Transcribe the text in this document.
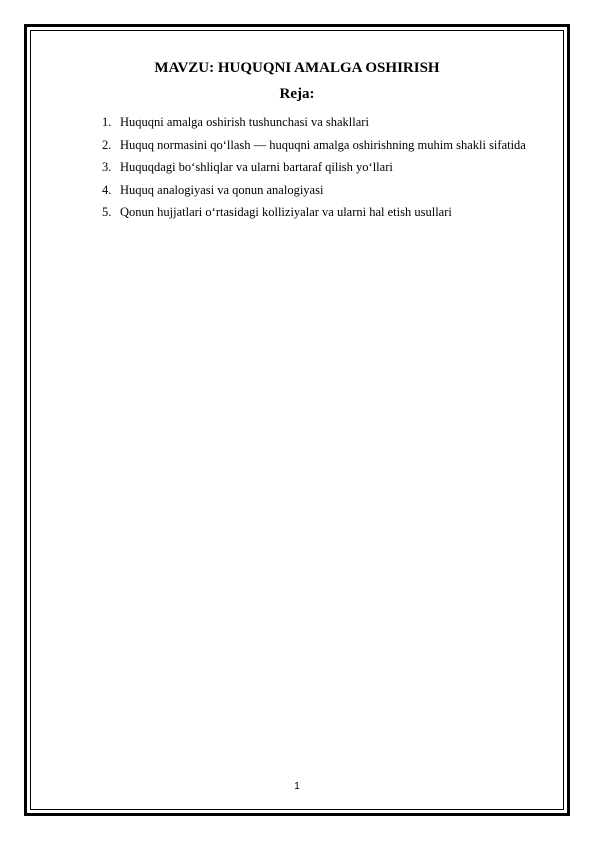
MAVZU: HUQUQNI AMALGA OSHIRISH
Reja:
1. Huquqni amalga oshirish tushunchasi va shakllari
2. Huquq normasini qo‘llash — huquqni amalga oshirishning muhim shakli sifatida
3. Huquqdagi bo‘shliqlar va ularni bartaraf qilish yo‘llari
4. Huquq analogiyasi va qonun analogiyasi
5. Qonun hujjatlari o‘rtasidagi kolliziyalar va ularni hal etish usullari
1
